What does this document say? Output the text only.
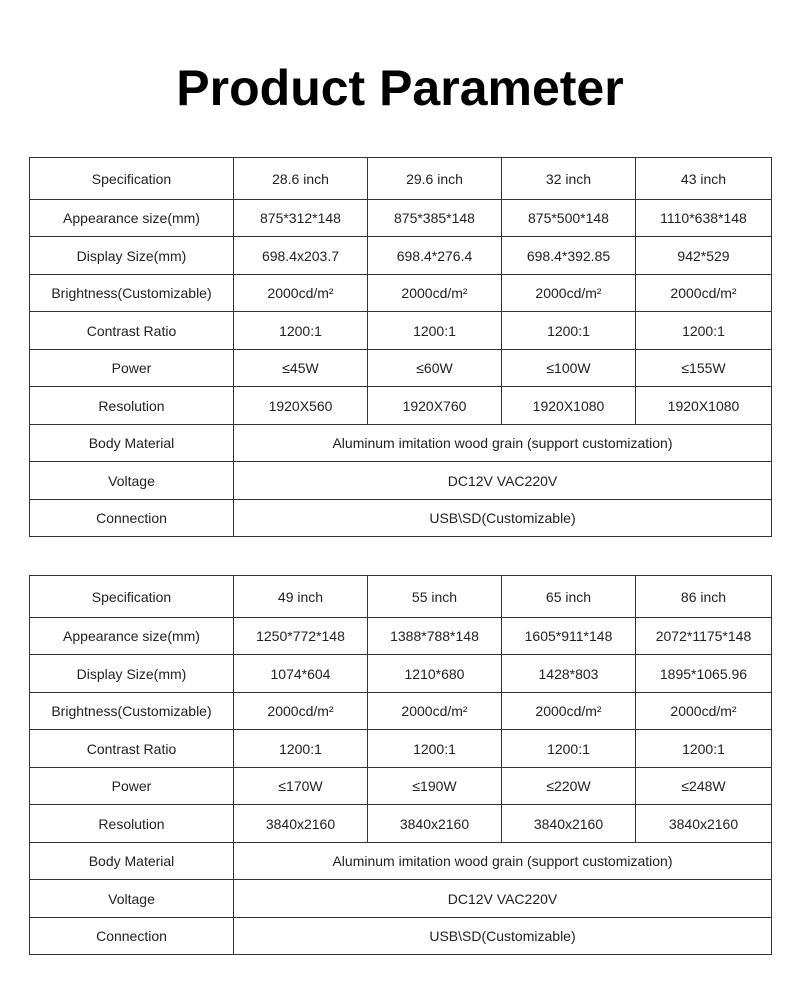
Product Parameter
Specification	28.6 inch	29.6 inch	32 inch	43 inch
Appearance size(mm)	875*312*148	875*385*148	875*500*148	1110*638*148
Display Size(mm)	698.4x203.7	698.4*276.4	698.4*392.85	942*529
Brightness(Customizable)	2000cd/m²	2000cd/m²	2000cd/m²	2000cd/m²
Contrast Ratio	1200:1	1200:1	1200:1	1200:1
Power	≤45W	≤60W	≤100W	≤155W
Resolution	1920X560	1920X760	1920X1080	1920X1080
Body Material	Aluminum imitation wood grain (support customization)			
Voltage	DC12V VAC220V			
Connection	USB\SD(Customizable)			
Specification	49 inch	55 inch	65 inch	86 inch
Appearance size(mm)	1250*772*148	1388*788*148	1605*911*148	2072*1175*148
Display Size(mm)	1074*604	1210*680	1428*803	1895*1065.96
Brightness(Customizable)	2000cd/m²	2000cd/m²	2000cd/m²	2000cd/m²
Contrast Ratio	1200:1	1200:1	1200:1	1200:1
Power	≤170W	≤190W	≤220W	≤248W
Resolution	3840x2160	3840x2160	3840x2160	3840x2160
Body Material	Aluminum imitation wood grain (support customization)			
Voltage	DC12V VAC220V			
Connection	USB\SD(Customizable)			
